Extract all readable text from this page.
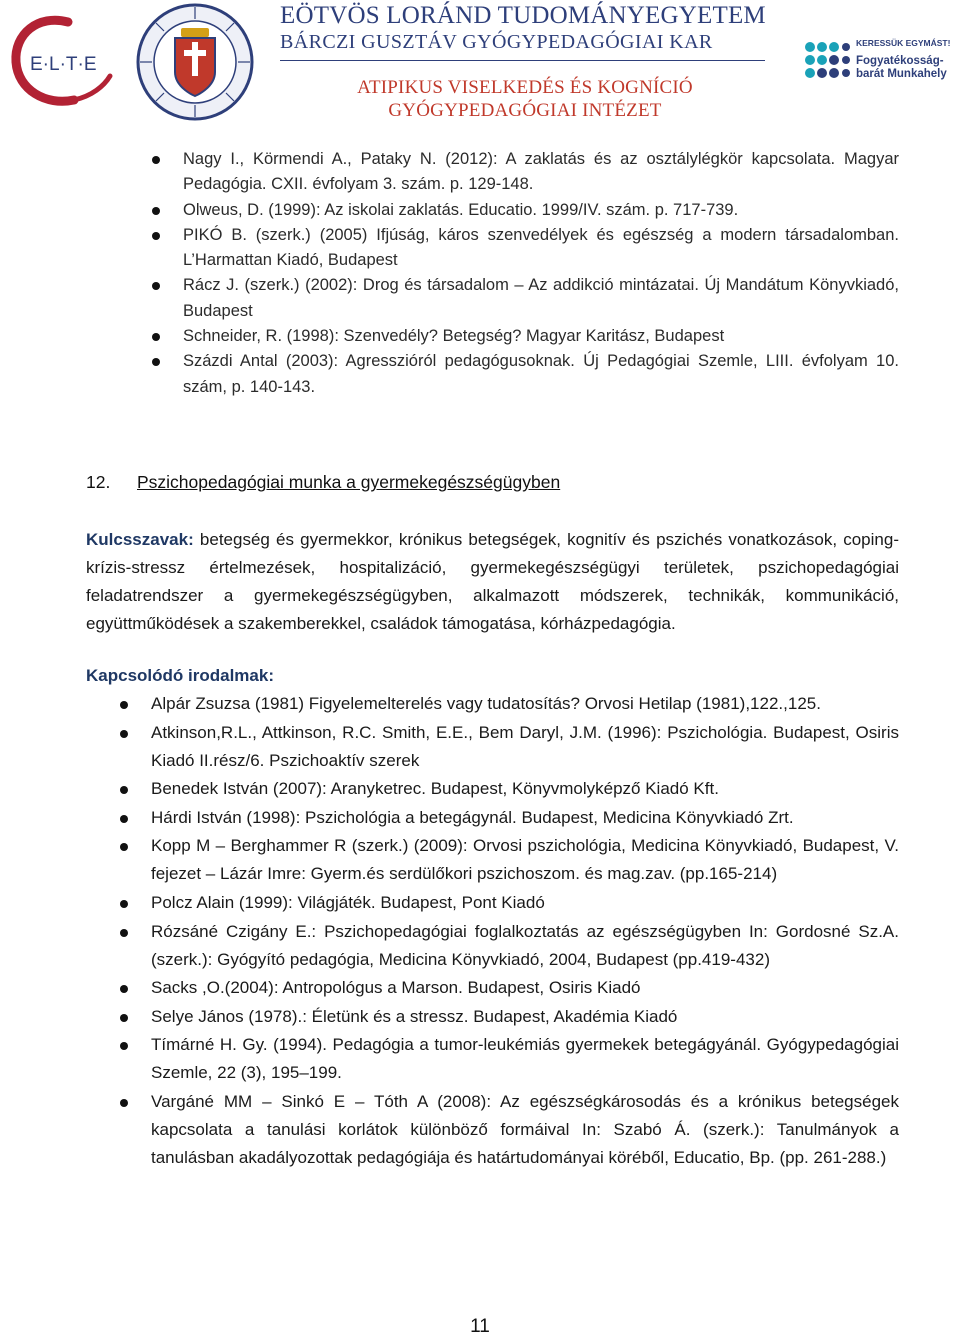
E·L·T·E
EÖTVÖS LORÁND TUDOMÁNYEGYETEM
BÁRCZI GUSZTÁV GYÓGYPEDAGÓGIAI KAR
ATIPIKUS VISELKEDÉS ÉS KOGNÍCIÓ
GYÓGYPEDAGÓGIAI INTÉZET
KERESSÜK EGYMÁST!
Fogyatékosság-barát Munkahely
Nagy I., Körmendi A., Pataky N. (2012): A zaklatás és az osztálylégkör kapcsolata. Magyar Pedagógia. CXII. évfolyam 3. szám. p. 129-148.
Olweus, D. (1999): Az iskolai zaklatás. Educatio. 1999/IV. szám. p. 717-739.
PIKÓ B. (szerk.) (2005) Ifjúság, káros szenvedélyek és egészség a modern társadalomban. L’Harmattan Kiadó, Budapest
Rácz J. (szerk.) (2002): Drog és társadalom – Az addikció mintázatai. Új Mandátum Könyvkiadó, Budapest
Schneider, R. (1998): Szenvedély? Betegség? Magyar Karitász, Budapest
Százdi Antal (2003): Agresszióról pedagógusoknak. Új Pedagógiai Szemle, LIII. évfolyam 10. szám, p. 140-143.
12. Pszichopedagógiai munka a gyermekegészségügyben

Kulcsszavak: betegség és gyermekkor, krónikus betegségek, kognitív és pszichés vonatkozások, coping-krízis-stressz értelmezések, hospitalizáció, gyermekegészségügyi területek, pszichopedagógiai feladatrendszer a gyermekegészségügyben, alkalmazott módszerek, technikák, kommunikáció, együttműködések a szakemberekkel, családok támogatása, kórházpedagógia.

Kapcsolódó irodalmak:
Alpár Zsuzsa (1981) Figyelemelterelés vagy tudatosítás? Orvosi Hetilap (1981),122.,125.
Atkinson,R.L., Attkinson, R.C. Smith, E.E., Bem Daryl, J.M. (1996): Pszichológia. Budapest, Osiris Kiadó II.rész/6. Pszichoaktív szerek
Benedek István (2007): Aranyketrec. Budapest, Könyvmolyképző Kiadó Kft.
Hárdi István (1998): Pszichológia a betegágynál. Budapest, Medicina Könyvkiadó Zrt.
Kopp M – Berghammer R (szerk.) (2009): Orvosi pszichológia, Medicina Könyvkiadó, Budapest, V. fejezet – Lázár Imre: Gyerm.és serdülőkori pszichoszom. és mag.zav. (pp.165-214)
Polcz Alain (1999): Világjáték. Budapest, Pont Kiadó
Rózsáné Czigány E.: Pszichopedagógiai foglalkoztatás az egészségügyben In: Gordosné Sz.A. (szerk.): Gyógyító pedagógia, Medicina Könyvkiadó, 2004, Budapest (pp.419-432)
Sacks ,O.(2004): Antropológus a Marson. Budapest, Osiris Kiadó
Selye János (1978).: Életünk és a stressz. Budapest, Akadémia Kiadó
Tímárné H. Gy. (1994). Pedagógia a tumor-leukémiás gyermekek betegágyánál. Gyógypedagógiai Szemle, 22 (3), 195–199.
Vargáné MM – Sinkó E – Tóth A (2008): Az egészségkárosodás és a krónikus betegségek kapcsolata a tanulási korlátok különböző formáival In: Szabó Á. (szerk.): Tanulmányok a tanulásban akadályozottak pedagógiája és határtudományai köréből, Educatio, Bp. (pp. 261-288.)
11
